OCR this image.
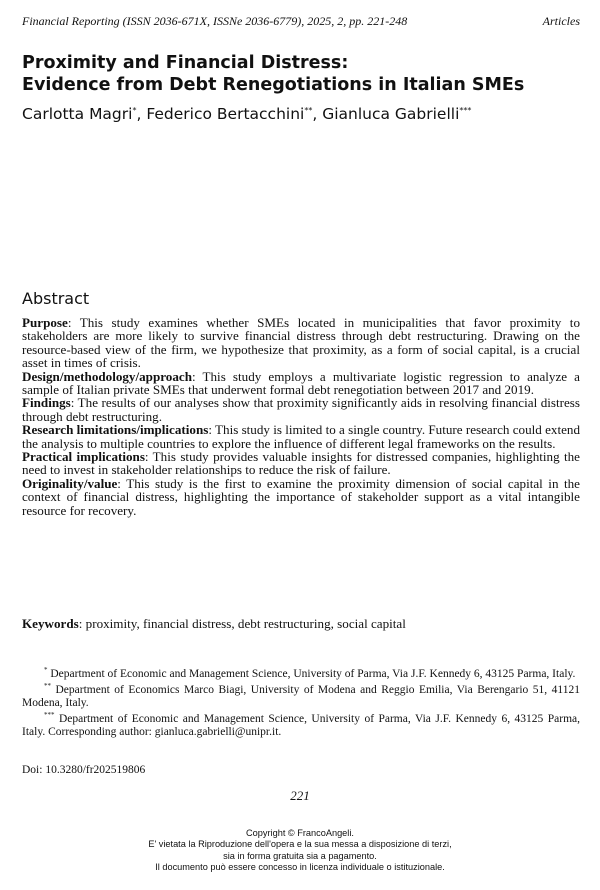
Financial Reporting (ISSN 2036-671X, ISSNe 2036-6779), 2025, 2, pp. 221-248	Articles
Proximity and Financial Distress:
Evidence from Debt Renegotiations in Italian SMEs
Carlotta Magri*, Federico Bertacchini**, Gianluca Gabrielli***
Abstract

Purpose: This study examines whether SMEs located in municipalities that favor proximity to stakeholders are more likely to survive financial distress through debt restructuring. Drawing on the resource-based view of the firm, we hypothesize that proximity, as a form of social capital, is a crucial asset in times of crisis.

Design/methodology/approach: This study employs a multivariate logistic regression to analyze a sample of Italian private SMEs that underwent formal debt renegotiation between 2017 and 2019.

Findings: The results of our analyses show that proximity significantly aids in resolving financial distress through debt restructuring.

Research limitations/implications: This study is limited to a single country. Future research could extend the analysis to multiple countries to explore the influence of different legal frameworks on the results.

Practical implications: This study provides valuable insights for distressed companies, highlighting the need to invest in stakeholder relationships to reduce the risk of failure.

Originality/value: This study is the first to examine the proximity dimension of social capital in the context of financial distress, highlighting the importance of stakeholder support as a vital intangible resource for recovery.

Keywords: proximity, financial distress, debt restructuring, social capital

* Department of Economic and Management Science, University of Parma, Via J.F. Kennedy 6, 43125 Parma, Italy.

** Department of Economics Marco Biagi, University of Modena and Reggio Emilia, Via Berengario 51, 41121 Modena, Italy.

*** Department of Economic and Management Science, University of Parma, Via J.F. Kennedy 6, 43125 Parma, Italy. Corresponding author: gianluca.gabrielli@unipr.it.

Doi: 10.3280/fr202519806
221
Copyright © FrancoAngeli.
E' vietata la Riproduzione dell'opera e la sua messa a disposizione di terzi,
sia in forma gratuita sia a pagamento.
Il documento può essere concesso in licenza individuale o istituzionale.
